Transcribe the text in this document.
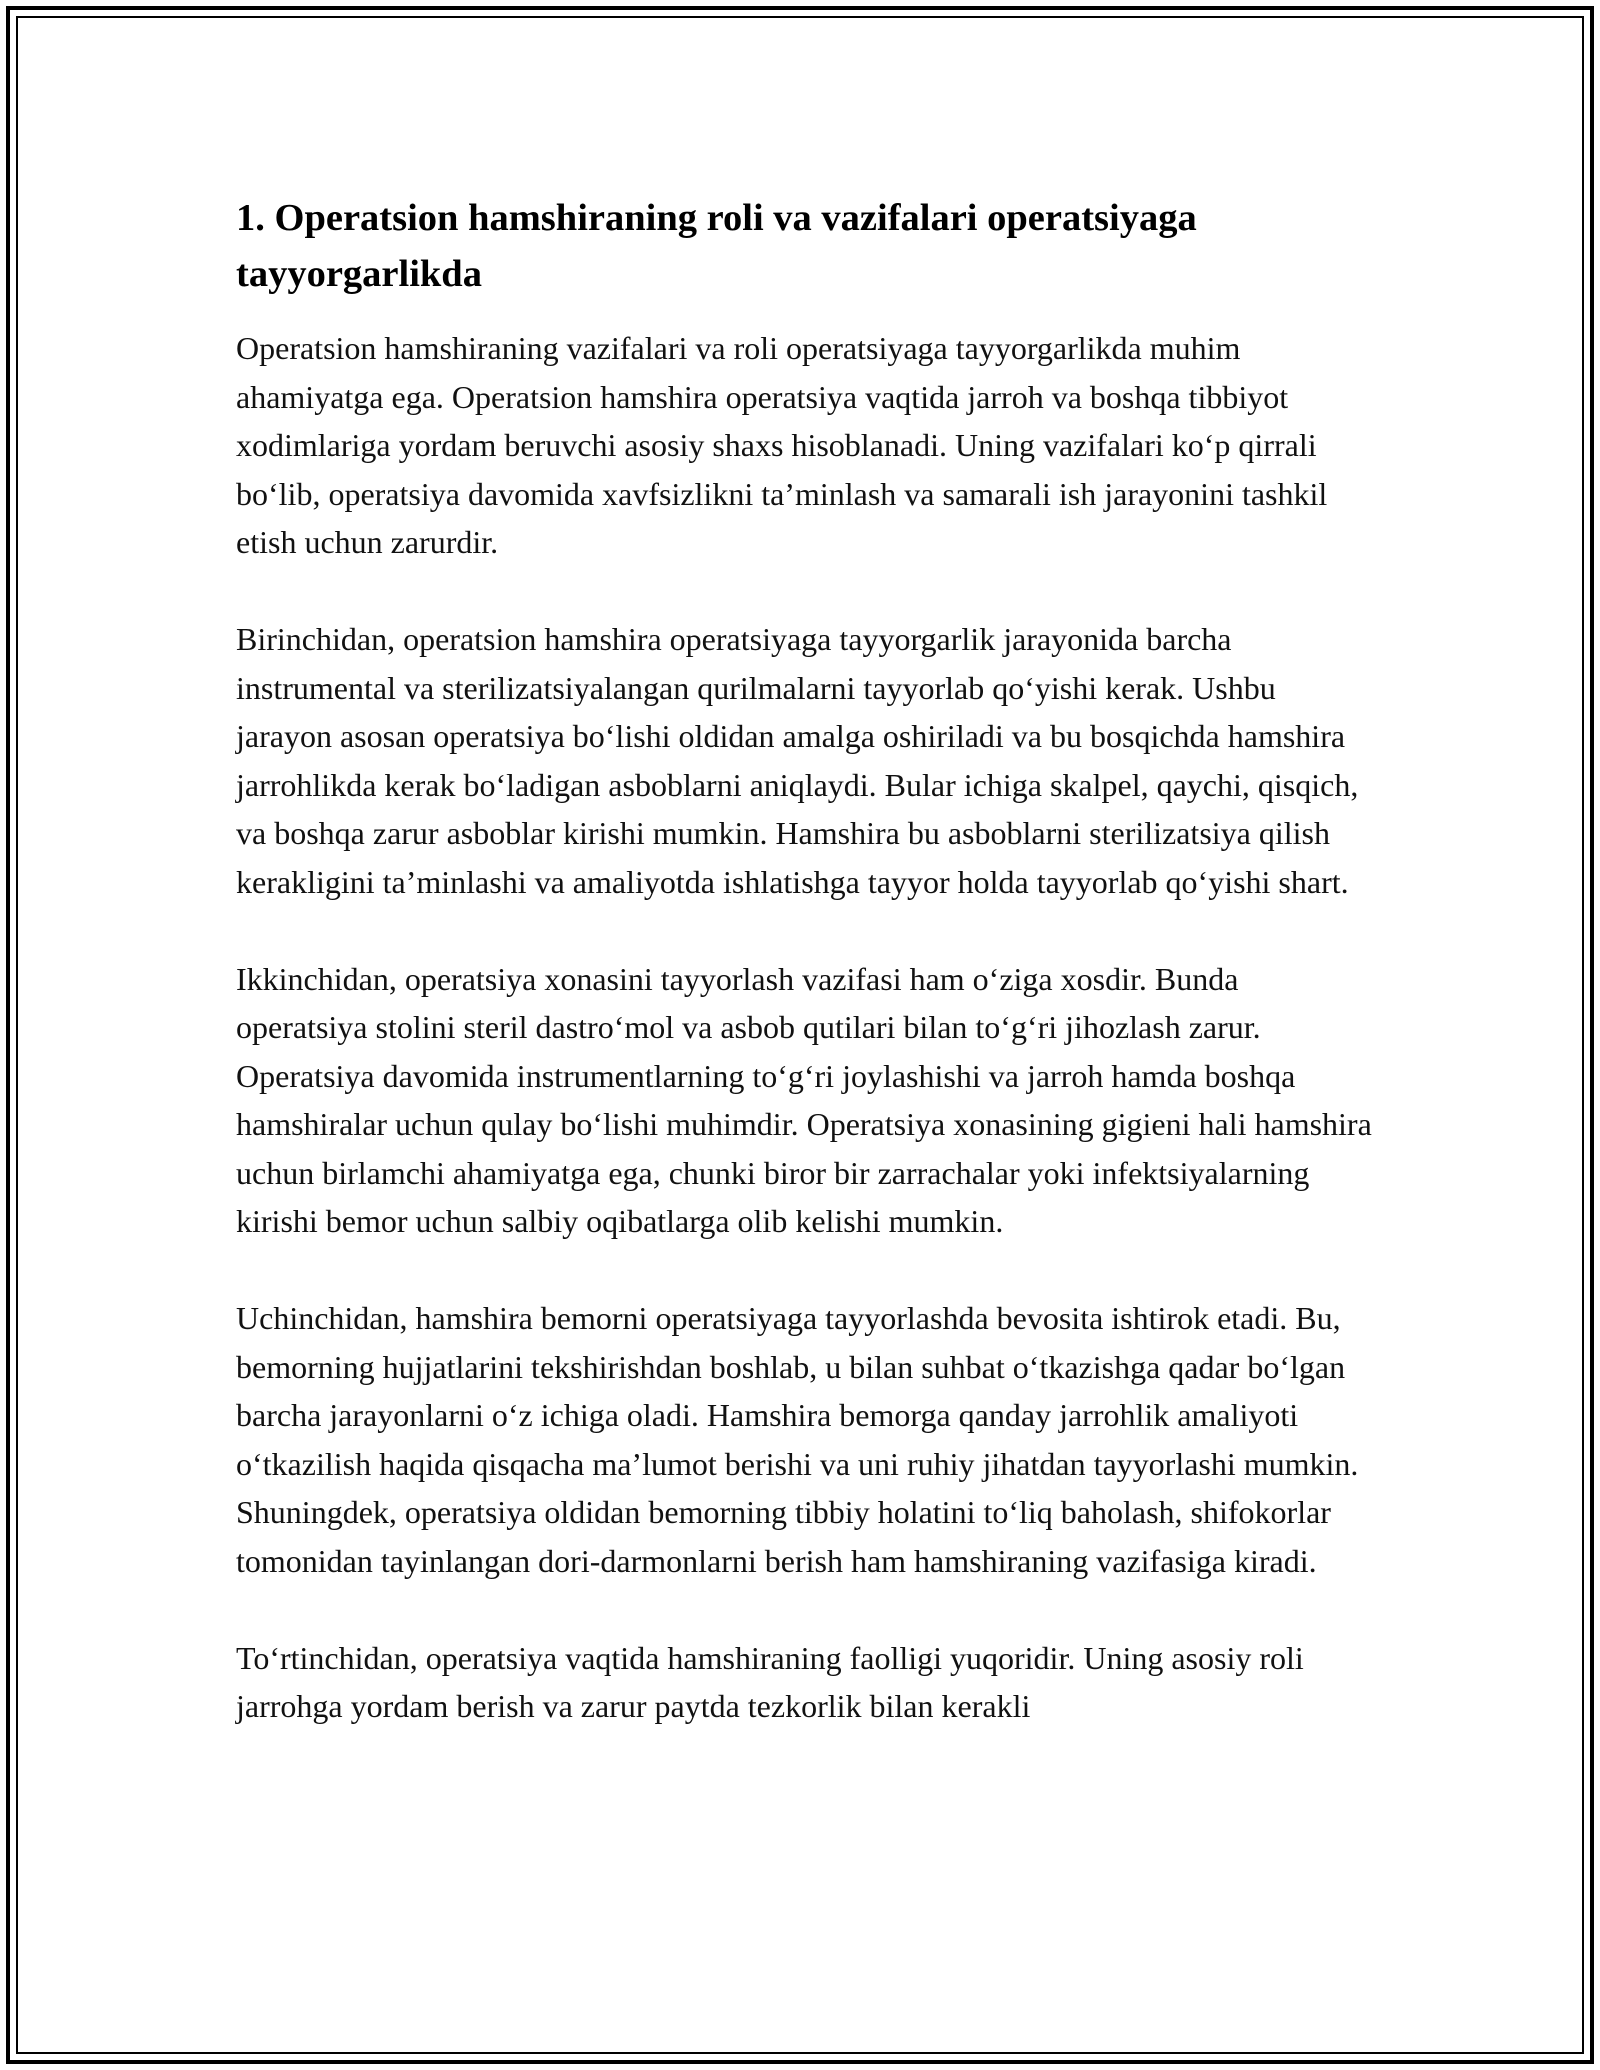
1. Operatsion hamshiraning roli va vazifalari operatsiyaga tayyorgarlikda

Operatsion hamshiraning vazifalari va roli operatsiyaga tayyorgarlikda muhim ahamiyatga ega. Operatsion hamshira operatsiya vaqtida jarroh va boshqa tibbiyot xodimlariga yordam beruvchi asosiy shaxs hisoblanadi. Uning vazifalari ko‘p qirrali bo‘lib, operatsiya davomida xavfsizlikni ta’minlash va samarali ish jarayonini tashkil etish uchun zarurdir.

Birinchidan, operatsion hamshira operatsiyaga tayyorgarlik jarayonida barcha instrumental va sterilizatsiyalangan qurilmalarni tayyorlab qo‘yishi kerak. Ushbu jarayon asosan operatsiya bo‘lishi oldidan amalga oshiriladi va bu bosqichda hamshira jarrohlikda kerak bo‘ladigan asboblarni aniqlaydi. Bular ichiga skalpel, qaychi, qisqich, va boshqa zarur asboblar kirishi mumkin. Hamshira bu asboblarni sterilizatsiya qilish kerakligini ta’minlashi va amaliyotda ishlatishga tayyor holda tayyorlab qo‘yishi shart.

Ikkinchidan, operatsiya xonasini tayyorlash vazifasi ham o‘ziga xosdir. Bunda operatsiya stolini steril dastro‘mol va asbob qutilari bilan to‘g‘ri jihozlash zarur. Operatsiya davomida instrumentlarning to‘g‘ri joylashishi va jarroh hamda boshqa hamshiralar uchun qulay bo‘lishi muhimdir. Operatsiya xonasining gigieni hali hamshira uchun birlamchi ahamiyatga ega, chunki biror bir zarrachalar yoki infektsiyalarning kirishi bemor uchun salbiy oqibatlarga olib kelishi mumkin.

Uchinchidan, hamshira bemorni operatsiyaga tayyorlashda bevosita ishtirok etadi. Bu, bemorning hujjatlarini tekshirishdan boshlab, u bilan suhbat o‘tkazishga qadar bo‘lgan barcha jarayonlarni o‘z ichiga oladi. Hamshira bemorga qanday jarrohlik amaliyoti o‘tkazilish haqida qisqacha ma’lumot berishi va uni ruhiy jihatdan tayyorlashi mumkin. Shuningdek, operatsiya oldidan bemorning tibbiy holatini to‘liq baholash, shifokorlar tomonidan tayinlangan dori-darmonlarni berish ham hamshiraning vazifasiga kiradi.

To‘rtinchidan, operatsiya vaqtida hamshiraning faolligi yuqoridir. Uning asosiy roli jarrohga yordam berish va zarur paytda tezkorlik bilan kerakli
